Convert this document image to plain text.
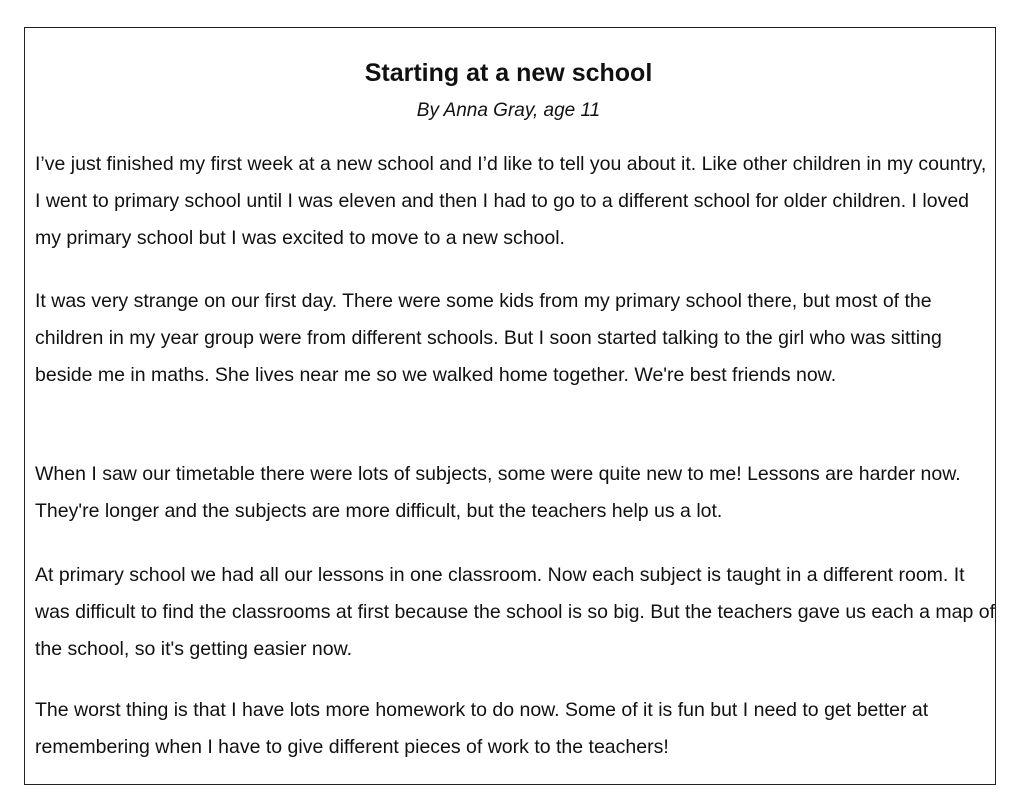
Starting at a new school

By Anna Gray, age 11

I’ve just finished my first week at a new school and I’d like to tell you about it. Like other children in my country, I went to primary school until I was eleven and then I had to go to a different school for older children. I loved my primary school but I was excited to move to a new school.

It was very strange on our first day. There were some kids from my primary school there, but most of the children in my year group were from different schools. But I soon started talking to the girl who was sitting beside me in maths. She lives near me so we walked home together. We're best friends now.

When I saw our timetable there were lots of subjects, some were quite new to me! Lessons are harder now. They're longer and the subjects are more difficult, but the teachers help us a lot.

At primary school we had all our lessons in one classroom. Now each subject is taught in a different room. It was difficult to find the classrooms at first because the school is so big. But the teachers gave us each a map of the school, so it's getting easier now.

The worst thing is that I have lots more homework to do now. Some of it is fun but I need to get better at remembering when I have to give different pieces of work to the teachers!
